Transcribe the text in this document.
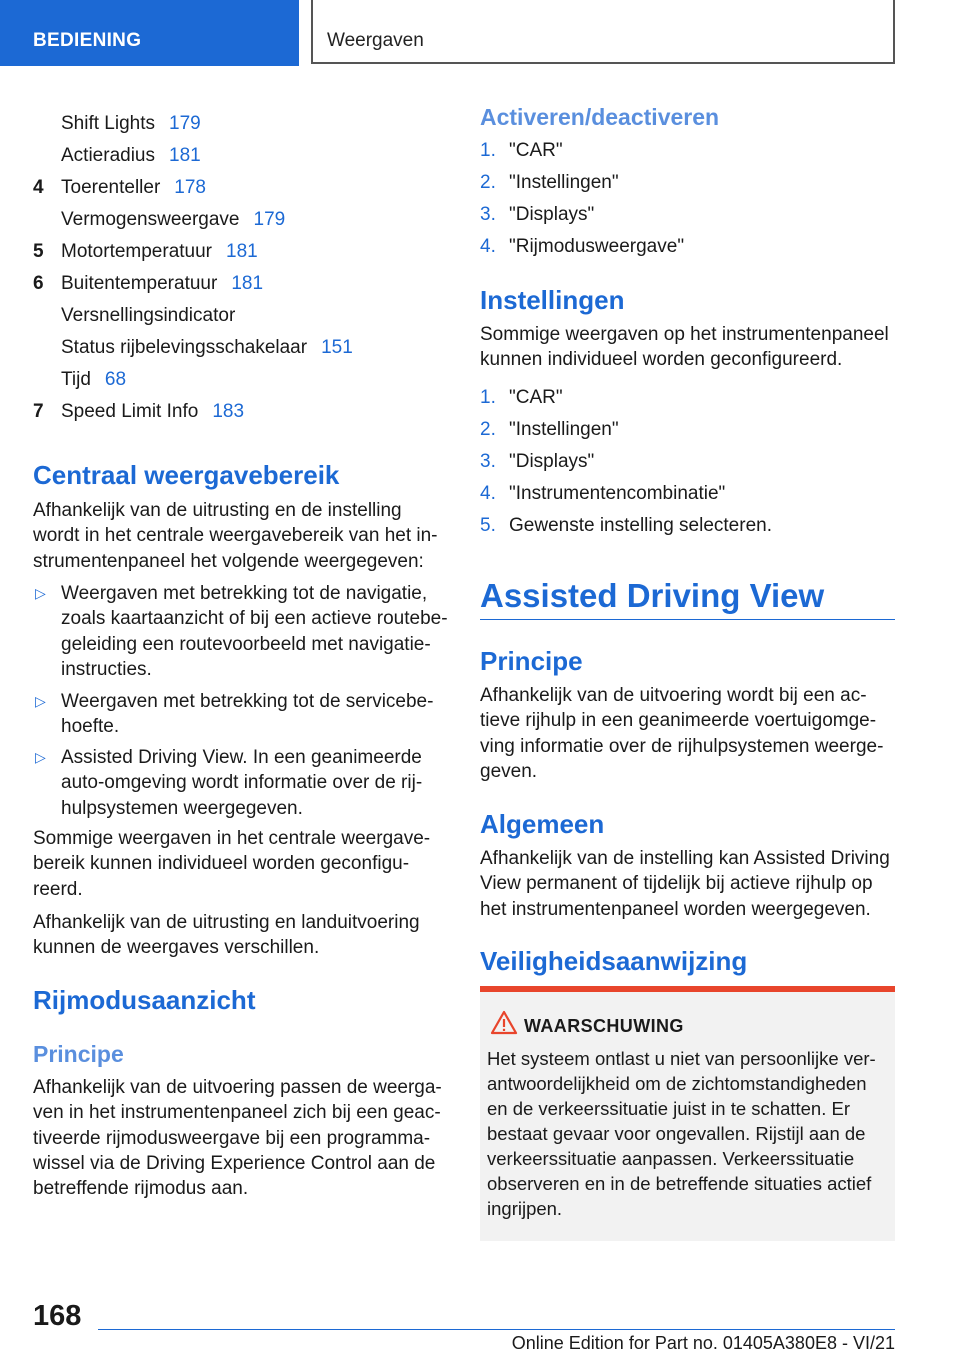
BEDIENING	Weergaven
Shift Lights 179
Actieradius 181
4 Toerenteller 178
Vermogensweergave 179
5 Motortemperatuur 181
6 Buitentemperatuur 181
Versnellingsindicator
Status rijbelevingsschakelaar 151
Tijd 68
7 Speed Limit Info 183
Centraal weergavebereik
Afhankelijk van de uitrusting en de instelling
wordt in het centrale weergavebereik van het in-
strumentenpaneel het volgende weergegeven:
▷ Weergaven met betrekking tot de navigatie,
zoals kaartaanzicht of bij een actieve routebe-
geleiding een routevoorbeeld met navigatie-
instructies.
▷ Weergaven met betrekking tot de servicebe-
hoefte.
▷ Assisted Driving View. In een geanimeerde
auto-omgeving wordt informatie over de rij-
hulpsystemen weergegeven.
Sommige weergaven in het centrale weergave-
bereik kunnen individueel worden geconfigu-
reerd.
Afhankelijk van de uitrusting en landuitvoering
kunnen de weergaves verschillen.
Rijmodusaanzicht
Principe
Afhankelijk van de uitvoering passen de weerga-
ven in het instrumentenpaneel zich bij een geac-
tiveerde rijmodusweergave bij een programma-
wissel via de Driving Experience Control aan de
betreffende rijmodus aan.
Activeren/deactiveren
1. "CAR"
2. "Instellingen"
3. "Displays"
4. "Rijmodusweergave"
Instellingen
Sommige weergaven op het instrumentenpaneel
kunnen individueel worden geconfigureerd.
1. "CAR"
2. "Instellingen"
3. "Displays"
4. "Instrumentencombinatie"
5. Gewenste instelling selecteren.
Assisted Driving View
Principe
Afhankelijk van de uitvoering wordt bij een ac-
tieve rijhulp in een geanimeerde voertuigomge-
ving informatie over de rijhulpsystemen weerge-
geven.
Algemeen
Afhankelijk van de instelling kan Assisted Driving
View permanent of tijdelijk bij actieve rijhulp op
het instrumentenpaneel worden weergegeven.
Veiligheidsaanwijzing
WAARSCHUWING
Het systeem ontlast u niet van persoonlijke ver-
antwoordelijkheid om de zichtomstandigheden
en de verkeerssituatie juist in te schatten. Er
bestaat gevaar voor ongevallen. Rijstijl aan de
verkeerssituatie aanpassen. Verkeerssituatie
observeren en in de betreffende situaties actief
ingrijpen.
168
Online Edition for Part no. 01405A380E8 - VI/21
